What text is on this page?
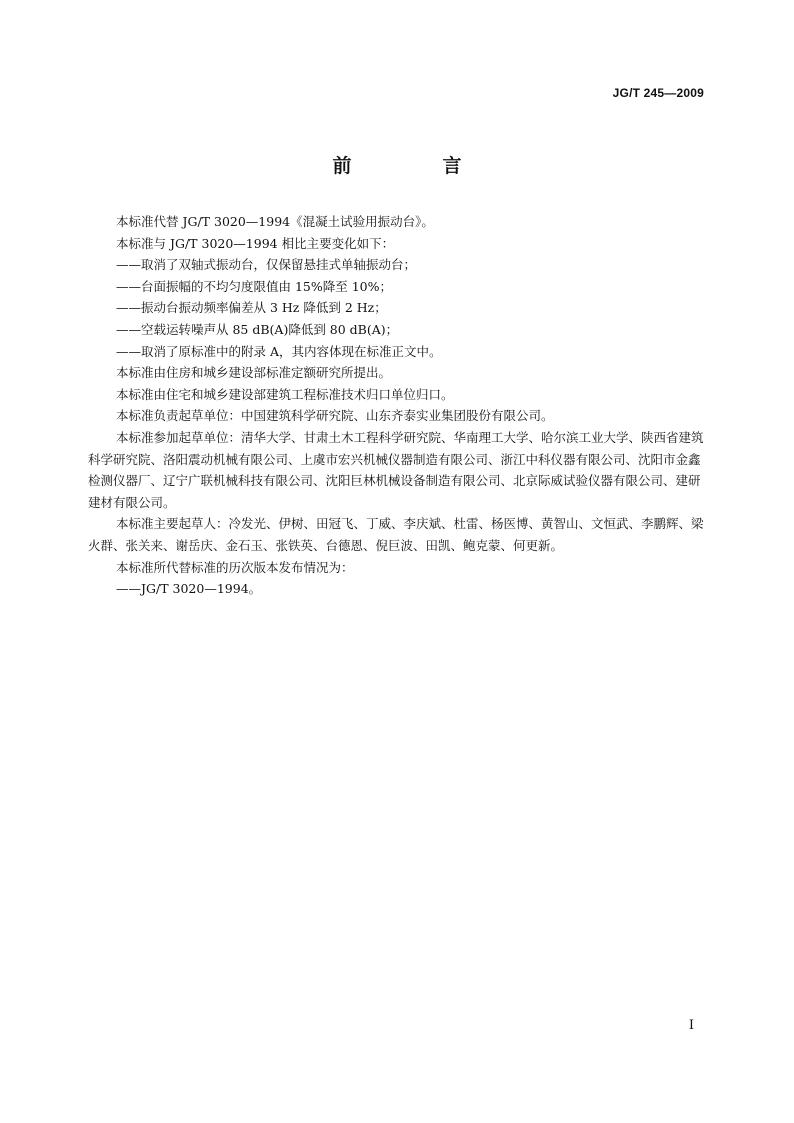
JG/T 245—2009
前　言

本标准代替 JG/T 3020—1994《混凝土试验用振动台》。

本标准与 JG/T 3020—1994 相比主要变化如下：

——取消了双轴式振动台，仅保留悬挂式单轴振动台；

——台面振幅的不均匀度限值由 15%降至 10%；

——振动台振动频率偏差从 3 Hz 降低到 2 Hz；

——空载运转噪声从 85 dB(A)降低到 80 dB(A)；

——取消了原标准中的附录 A，其内容体现在标准正文中。

本标准由住房和城乡建设部标准定额研究所提出。

本标准由住宅和城乡建设部建筑工程标准技术归口单位归口。

本标准负责起草单位：中国建筑科学研究院、山东齐泰实业集团股份有限公司。

本标准参加起草单位：清华大学、甘肃土木工程科学研究院、华南理工大学、哈尔滨工业大学、陕西省建筑科学研究院、洛阳震动机械有限公司、上虞市宏兴机械仪器制造有限公司、浙江中科仪器有限公司、沈阳市金鑫检测仪器厂、辽宁广联机械科技有限公司、沈阳巨林机械设备制造有限公司、北京际威试验仪器有限公司、建研建材有限公司。

本标准主要起草人：冷发光、伊树、田冠飞、丁威、李庆斌、杜雷、杨医博、黄智山、文恒武、李鹏辉、梁火群、张关来、谢岳庆、金石玉、张铁英、台德恩、倪巨波、田凯、鲍克蒙、何更新。

本标准所代替标准的历次版本发布情况为：

——JG/T 3020—1994。

I
